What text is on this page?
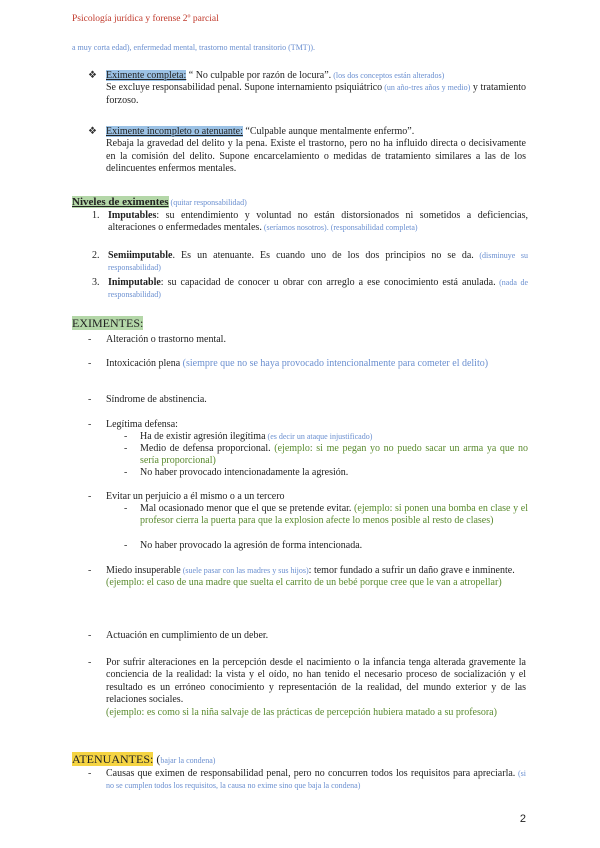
Psicología jurídica y forense 2º parcial
a muy corta edad), enfermedad mental, trastorno mental transitorio (TMT)).
❖ Eximente completa: “ No culpable por razón de locura”. (los dos conceptos están alterados)
Se excluye responsabilidad penal. Supone internamiento psiquiátrico (un año-tres años y medio) y tratamiento forzoso.
❖ Eximente incompleto o atenuante: “Culpable aunque mentalmente enfermo”.
Rebaja la gravedad del delito y la pena. Existe el trastorno, pero no ha influido directa o decisivamente en la comisión del delito. Supone encarcelamiento o medidas de tratamiento similares a las de los delincuentes enfermos mentales.
Niveles de eximentes (quitar responsabilidad)
1. Imputables: su entendimiento y voluntad no están distorsionados ni sometidos a deficiencias, alteraciones o enfermedades mentales. (seríamos nosotros). (responsabilidad completa)
2. Semiimputable. Es un atenuante. Es cuando uno de los dos principios no se da. (disminuye su responsabilidad)
3. Inimputable: su capacidad de conocer u obrar con arreglo a ese conocimiento está anulada. (nada de responsabilidad)
EXIMENTES:
- Alteración o trastorno mental.
- Intoxicación plena (siempre que no se haya provocado intencionalmente para cometer el delito)
- Síndrome de abstinencia.
- Legítima defensa:
- Ha de existir agresión ilegítima (es decir un ataque injustificado)
- Medio de defensa proporcional. (ejemplo: si me pegan yo no puedo sacar un arma ya que no sería proporcional)
- No haber provocado intencionadamente la agresión.
- Evitar un perjuicio a él mismo o a un tercero
- Mal ocasionado menor que el que se pretende evitar. (ejemplo: si ponen una bomba en clase y el profesor cierra la puerta para que la explosion afecte lo menos posible al resto de clases)
- No haber provocado la agresión de forma intencionada.
- Miedo insuperable (suele pasar con las madres y sus hijos): temor fundado a sufrir un daño grave e inminente.
(ejemplo: el caso de una madre que suelta el carrito de un bebé porque cree que le van a atropellar)
- Actuación en cumplimiento de un deber.
- Por sufrir alteraciones en la percepción desde el nacimiento o la infancia tenga alterada gravemente la conciencia de la realidad: la vista y el oído, no han tenido el necesario proceso de socialización y el resultado es un erróneo conocimiento y representación de la realidad, del mundo exterior y de las relaciones sociales.
(ejemplo: es como si la niña salvaje de las prácticas de percepción hubiera matado a su profesora)
ATENUANTES: (bajar la condena)
- Causas que eximen de responsabilidad penal, pero no concurren todos los requisitos para apreciarla. (si no se cumplen todos los requisitos, la causa no exime sino que baja la condena)
2
